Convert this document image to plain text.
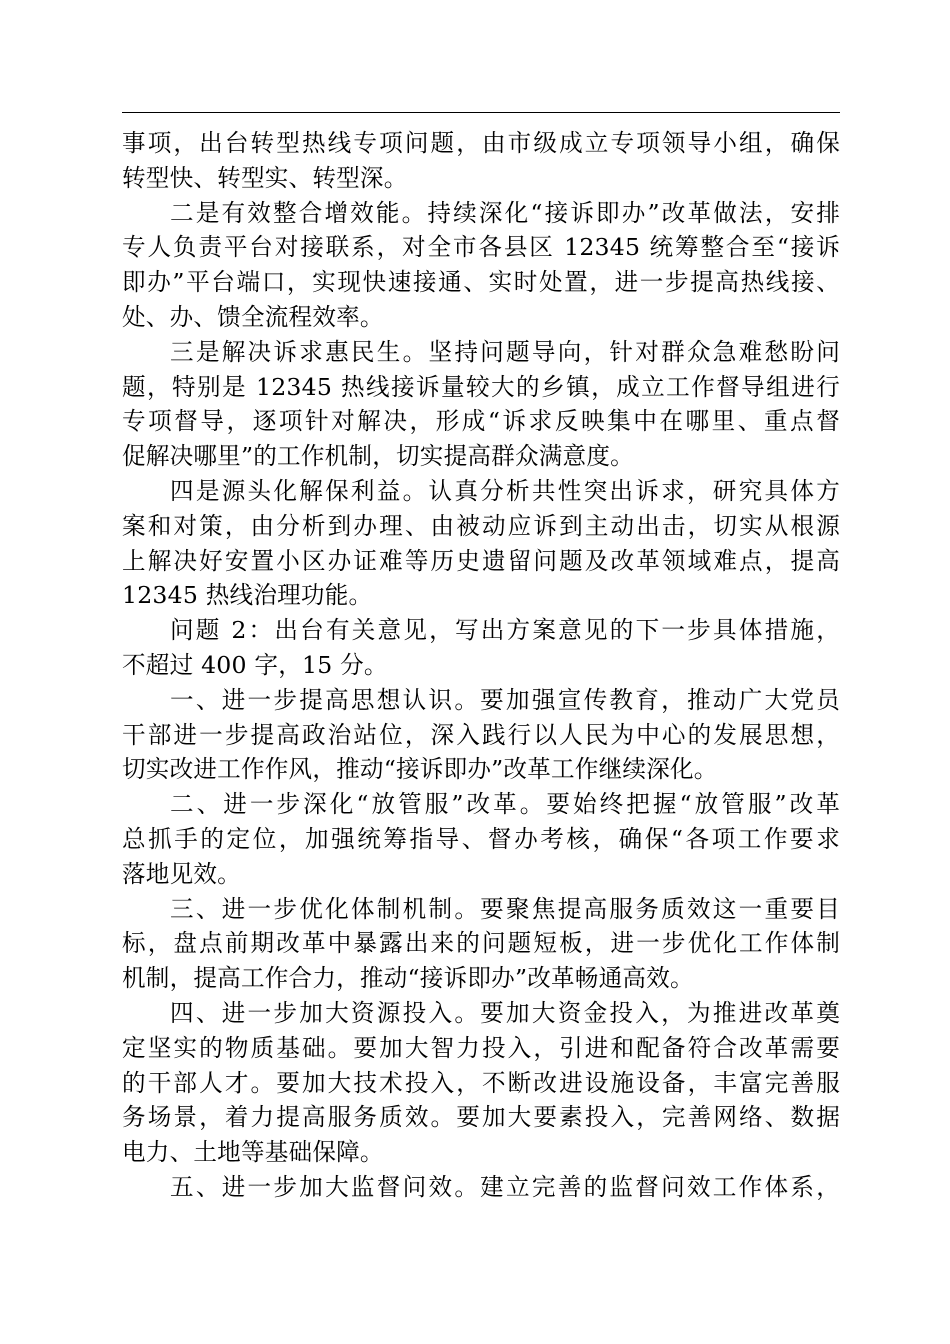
事项，出台转型热线专项问题，由市级成立专项领导小组，确保
转型快、转型实、转型深。
二是有效整合增效能。持续深化“接诉即办”改革做法，安排
专人负责平台对接联系，对全市各县区 12345 统筹整合至“接诉
即办”平台端口，实现快速接通、实时处置，进一步提高热线接、
处、办、馈全流程效率。
三是解决诉求惠民生。坚持问题导向，针对群众急难愁盼问
题，特别是 12345 热线接诉量较大的乡镇，成立工作督导组进行
专项督导，逐项针对解决，形成“诉求反映集中在哪里、重点督
促解决哪里”的工作机制，切实提高群众满意度。
四是源头化解保利益。认真分析共性突出诉求，研究具体方
案和对策，由分析到办理、由被动应诉到主动出击，切实从根源
上解决好安置小区办证难等历史遗留问题及改革领域难点，提高
12345 热线治理功能。
问题 2：出台有关意见，写出方案意见的下一步具体措施，
不超过 400 字，15 分。
一、进一步提高思想认识。要加强宣传教育，推动广大党员
干部进一步提高政治站位，深入践行以人民为中心的发展思想，
切实改进工作作风，推动“接诉即办”改革工作继续深化。
二、进一步深化“放管服”改革。要始终把握“放管服”改革
总抓手的定位，加强统筹指导、督办考核，确保“各项工作要求
落地见效。
三、进一步优化体制机制。要聚焦提高服务质效这一重要目
标，盘点前期改革中暴露出来的问题短板，进一步优化工作体制
机制，提高工作合力，推动“接诉即办”改革畅通高效。
四、进一步加大资源投入。要加大资金投入，为推进改革奠
定坚实的物质基础。要加大智力投入，引进和配备符合改革需要
的干部人才。要加大技术投入，不断改进设施设备，丰富完善服
务场景，着力提高服务质效。要加大要素投入，完善网络、数据
电力、土地等基础保障。
五、进一步加大监督问效。建立完善的监督问效工作体系，
